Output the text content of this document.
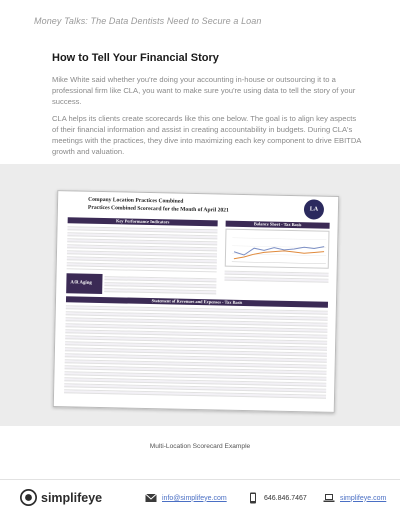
Money Talks: The Data Dentists Need to Secure a Loan
How to Tell Your Financial Story
Mike White said whether you're doing your accounting in-house or outsourcing it to a professional firm like CLA, you want to make sure you're using data to tell the story of your success.
CLA helps its clients create scorecards like this one below. The goal is to align key aspects of their financial information and assist in creating accountability in budgets. During CLA's meetings with the practices, they dive into maximizing each key component to drive EBITDA growth and valuation.
Company Location Practices Combined
Practices Combined Scorecard for the Month of April 2021	LA
Key Performance Indicators	Balance Sheet - Tax Basis
A/R Aging
Statement of Revenues and Expenses - Tax Basis
Multi-Location Scorecard Example
simplifeye	info@simplifeye.com	646.846.7467	simplifeye.com
